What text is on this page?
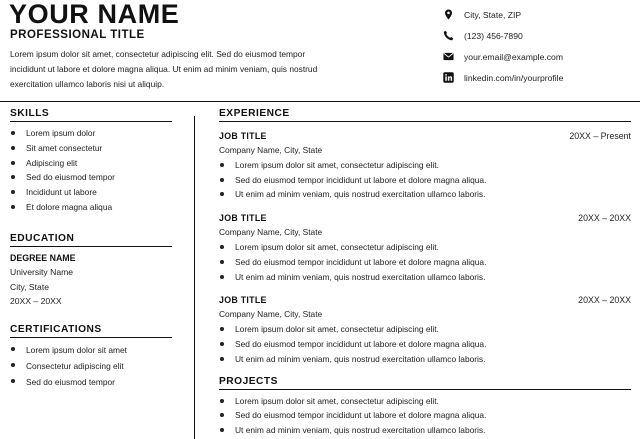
YOUR NAME
PROFESSIONAL TITLE
Lorem ipsum dolor sit amet, consectetur adipiscing elit. Sed do eiusmod tempor incididunt ut labore et dolore magna aliqua. Ut enim ad minim veniam, quis nostrud exercitation ullamco laboris nisi ut aliquip.
City, State, ZIP
(123) 456-7890
your.email@example.com
linkedin.com/in/yourprofile
SKILLS
Lorem ipsum dolor
Sit amet consectetur
Adipiscing elit
Sed do eiusmod tempor
Incididunt ut labore
Et dolore magna aliqua
EDUCATION
DEGREE NAME
University Name
City, State
20XX – 20XX
CERTIFICATIONS
Lorem ipsum dolor sit amet
Consectetur adipiscing elit
Sed do eiusmod tempor
EXPERIENCE
JOB TITLE	20XX – Present
Company Name, City, State
Lorem ipsum dolor sit amet, consectetur adipiscing elit.
Sed do eiusmod tempor incididunt ut labore et dolore magna aliqua.
Ut enim ad minim veniam, quis nostrud exercitation ullamco laboris.
JOB TITLE	20XX – 20XX
Company Name, City, State
Lorem ipsum dolor sit amet, consectetur adipiscing elit.
Sed do eiusmod tempor incididunt ut labore et dolore magna aliqua.
Ut enim ad minim veniam, quis nostrud exercitation ullamco laboris.
JOB TITLE	20XX – 20XX
Company Name, City, State
Lorem ipsum dolor sit amet, consectetur adipiscing elit.
Sed do eiusmod tempor incididunt ut labore et dolore magna aliqua.
Ut enim ad minim veniam, quis nostrud exercitation ullamco laboris.
PROJECTS
Lorem ipsum dolor sit amet, consectetur adipiscing elit.
Sed do eiusmod tempor incididunt ut labore et dolore magna aliqua.
Ut enim ad minim veniam, quis nostrud exercitation ullamco laboris.
